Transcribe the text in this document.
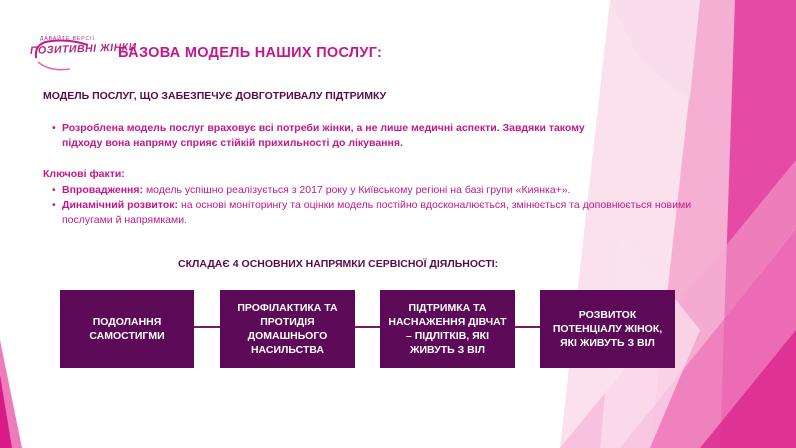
ДАВАЙТЕ ВЕРСІЇ
ПОЗИТИВНІ ЖІНКИ
БАЗОВА МОДЕЛЬ НАШИХ ПОСЛУГ:
МОДЕЛЬ ПОСЛУГ, ЩО ЗАБЕЗПЕЧУЄ ДОВГОТРИВАЛУ ПІДТРИМКУ
• Розроблена модель послуг враховує всі потреби жінки, а не лише медичні аспекти. Завдяки такому підходу вона напряму сприяє стійкій прихильності до лікування.
Ключові факти:
• Впровадження: модель успішно реалізується з 2017 року у Київському регіоні на базі групи «Киянка+».
• Динамічний розвиток: на основі моніторингу та оцінки модель постійно вдосконалюється, змінюється та доповнюється новими послугами й напрямками.
СКЛАДАЄ 4 ОСНОВНИХ НАПРЯМКИ СЕРВІСНОЇ ДІЯЛЬНОСТІ:
ПОДОЛАННЯ САМОСТИГМИ
ПРОФІЛАКТИКА ТА ПРОТИДІЯ ДОМАШНЬОГО НАСИЛЬСТВА
ПІДТРИМКА ТА НАСНАЖЕННЯ ДІВЧАТ – ПІДЛІТКІВ, ЯКІ ЖИВУТЬ З ВІЛ
РОЗВИТОК ПОТЕНЦІАЛУ ЖІНОК, ЯКІ ЖИВУТЬ З ВІЛ
